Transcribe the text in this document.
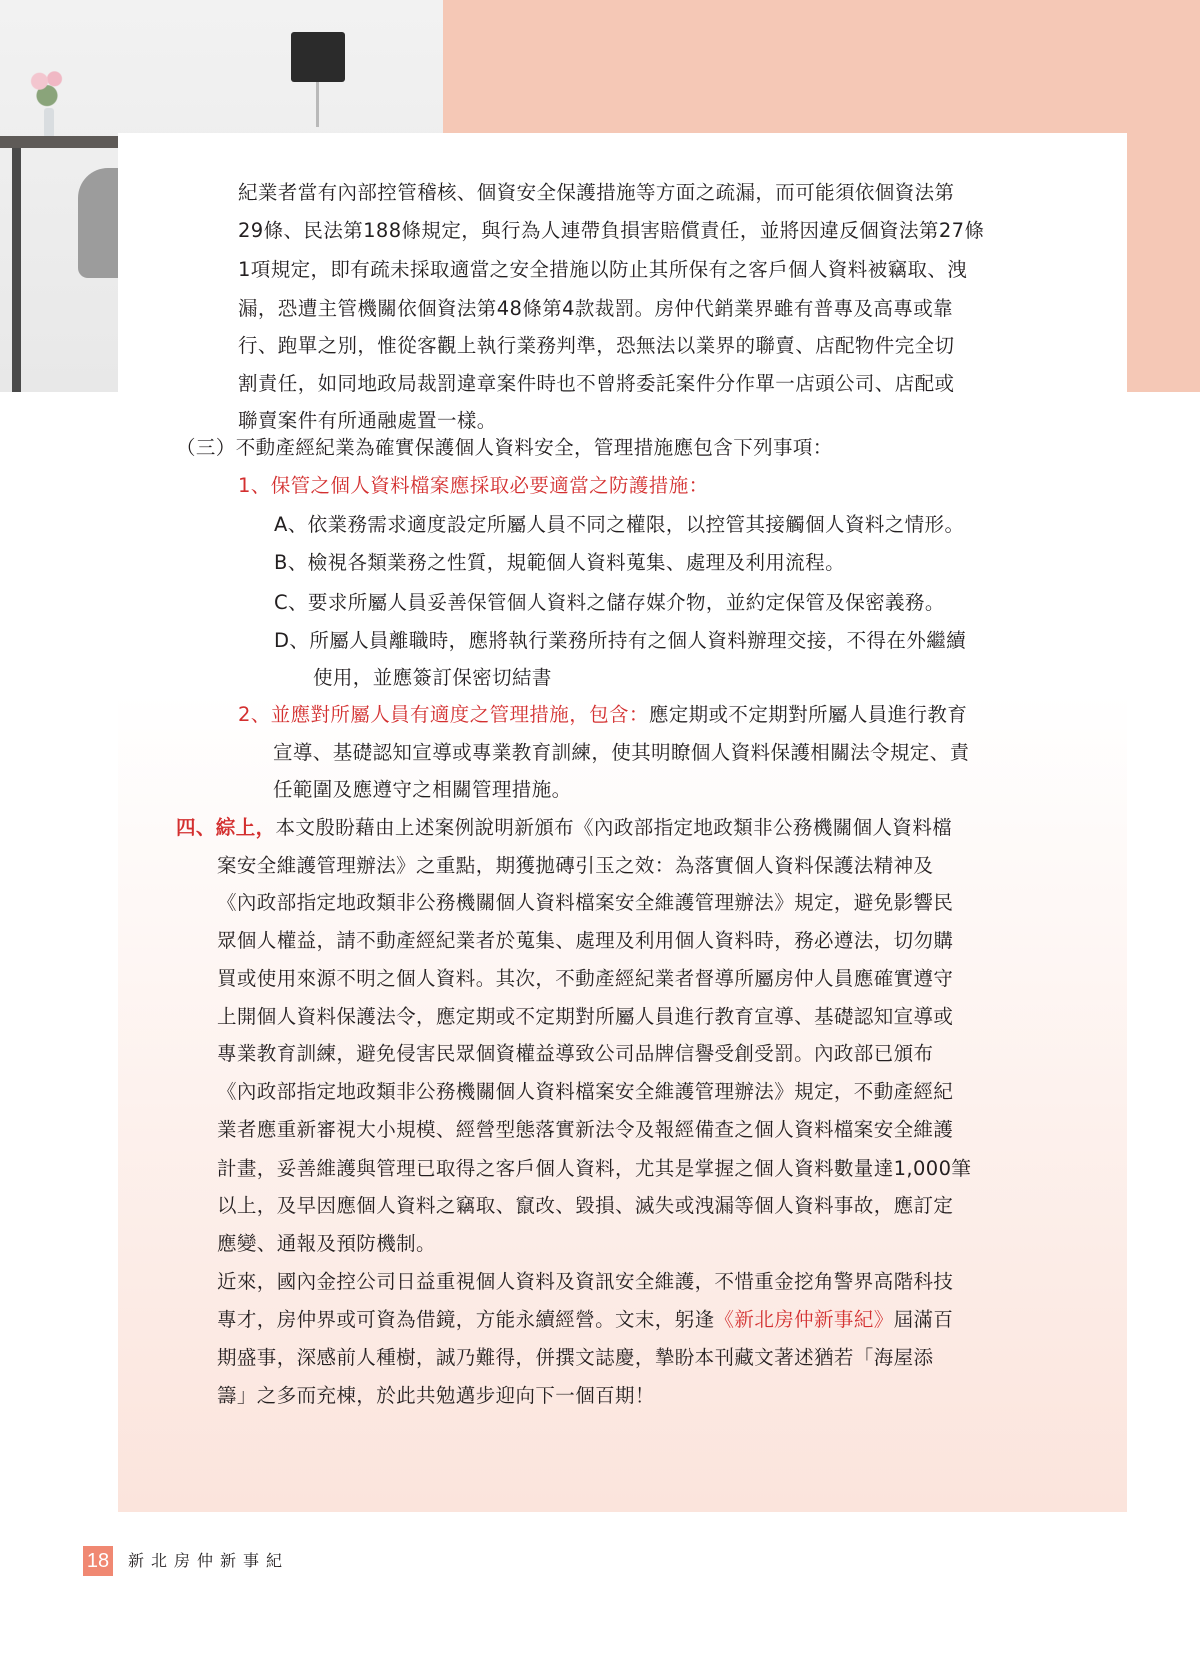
紀業者當有內部控管稽核、個資安全保護措施等方面之疏漏，而可能須依個資法第
29條、民法第188條規定，與行為人連帶負損害賠償責任，並將因違反個資法第27條
1項規定，即有疏未採取適當之安全措施以防止其所保有之客戶個人資料被竊取、洩
漏，恐遭主管機關依個資法第48條第4款裁罰。房仲代銷業界雖有普專及高專或靠
行、跑單之別，惟從客觀上執行業務判準，恐無法以業界的聯賣、店配物件完全切
割責任，如同地政局裁罰違章案件時也不曾將委託案件分作單一店頭公司、店配或
聯賣案件有所通融處置一樣。
（三）不動產經紀業為確實保護個人資料安全，管理措施應包含下列事項：
1、保管之個人資料檔案應採取必要適當之防護措施：
A、依業務需求適度設定所屬人員不同之權限，以控管其接觸個人資料之情形。
B、檢視各類業務之性質，規範個人資料蒐集、處理及利用流程。
C、要求所屬人員妥善保管個人資料之儲存媒介物，並約定保管及保密義務。
D、所屬人員離職時，應將執行業務所持有之個人資料辦理交接，不得在外繼續
使用，並應簽訂保密切結書
2、並應對所屬人員有適度之管理措施，包含：應定期或不定期對所屬人員進行教育
宣導、基礎認知宣導或專業教育訓練，使其明瞭個人資料保護相關法令規定、責
任範圍及應遵守之相關管理措施。
四、綜上，本文殷盼藉由上述案例說明新頒布《內政部指定地政類非公務機關個人資料檔
案安全維護管理辦法》之重點，期獲拋磚引玉之效：為落實個人資料保護法精神及
《內政部指定地政類非公務機關個人資料檔案安全維護管理辦法》規定，避免影響民
眾個人權益，請不動產經紀業者於蒐集、處理及利用個人資料時，務必遵法，切勿購
買或使用來源不明之個人資料。其次，不動產經紀業者督導所屬房仲人員應確實遵守
上開個人資料保護法令，應定期或不定期對所屬人員進行教育宣導、基礎認知宣導或
專業教育訓練，避免侵害民眾個資權益導致公司品牌信譽受創受罰。內政部已頒布
《內政部指定地政類非公務機關個人資料檔案安全維護管理辦法》規定，不動產經紀
業者應重新審視大小規模、經營型態落實新法令及報經備查之個人資料檔案安全維護
計畫，妥善維護與管理已取得之客戶個人資料，尤其是掌握之個人資料數量達1,000筆
以上，及早因應個人資料之竊取、竄改、毀損、滅失或洩漏等個人資料事故，應訂定
應變、通報及預防機制。
近來，國內金控公司日益重視個人資料及資訊安全維護，不惜重金挖角警界高階科技
專才，房仲界或可資為借鏡，方能永續經營。文末，躬逢《新北房仲新事紀》屆滿百
期盛事，深感前人種樹，誠乃難得，併撰文誌慶，摯盼本刊藏文著述猶若「海屋添
籌」之多而充棟，於此共勉邁步迎向下一個百期！
18 新北房仲新事紀
